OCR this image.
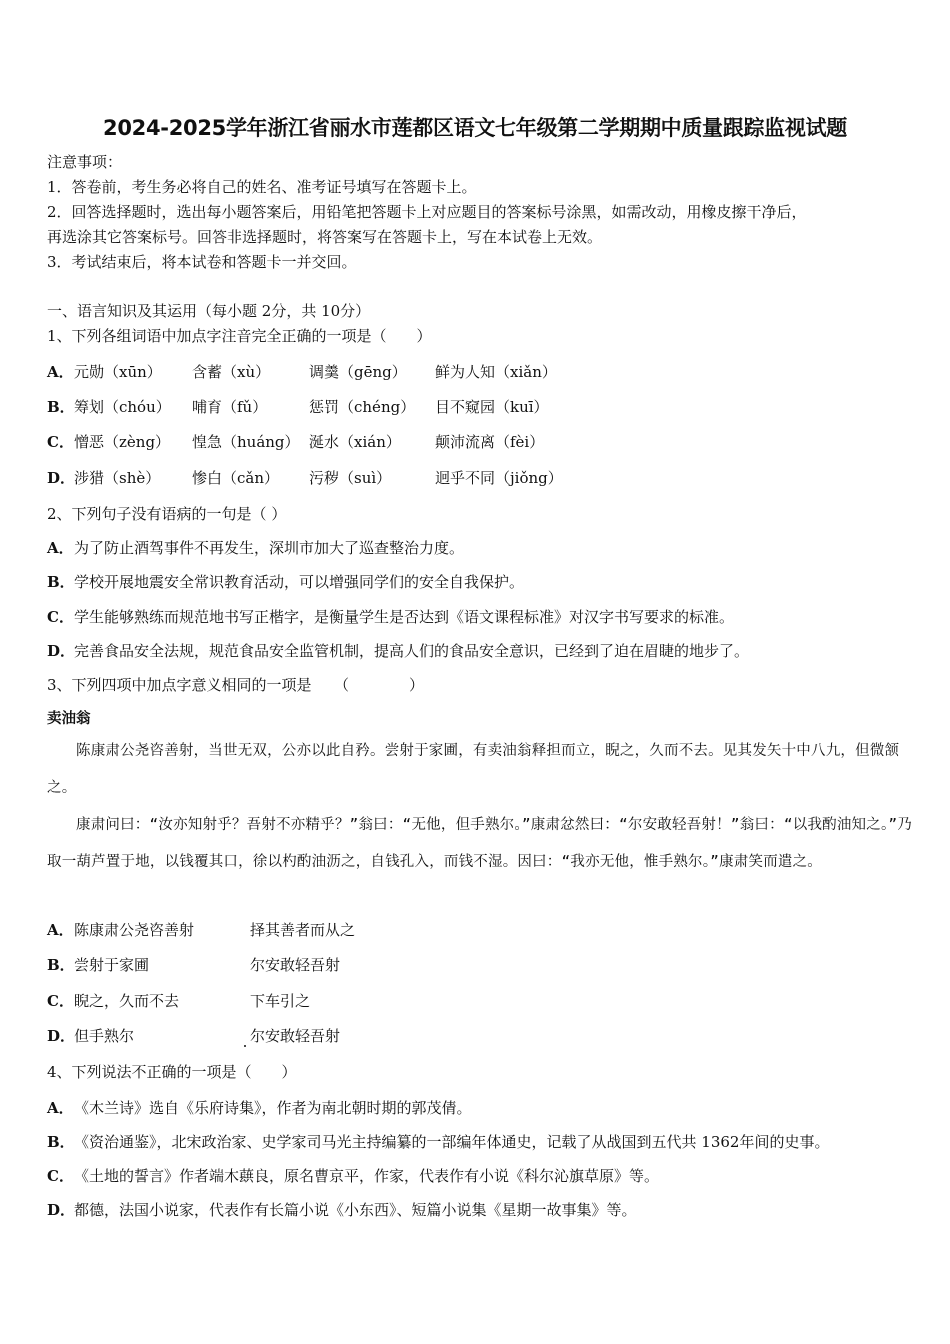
2024-2025学年浙江省丽水市莲都区语文七年级第二学期期中质量跟踪监视试题
注意事项：
1．答卷前，考生务必将自己的姓名、准考证号填写在答题卡上。
2．回答选择题时，选出每小题答案后，用铅笔把答题卡上对应题目的答案标号涂黑，如需改动，用橡皮擦干净后，
再选涂其它答案标号。回答非选择题时，将答案写在答题卡上，写在本试卷上无效。
3．考试结束后，将本试卷和答题卡一并交回。
一、语言知识及其运用（每小题 2分，共 10分）
1、下列各组词语中加点字注音完全正确的一项是（　　）
A． 元勋（xūn） 含蓄（xù）	调羹（gēng） 鲜为人知（xiǎn）
B． 筹划（chóu） 哺育（fǔ）	惩罚（chéng） 目不窥园（kuī）
C． 憎恶（zèng） 惶急（huáng） 涎水（xián） 颠沛流离（fèi）
D．
涉猎（shè） 惨白（cǎn） 污秽（suì）	迥乎不同（jiǒng）
2、下列句子没有语病的一句是（ ）
A． 为了防止酒驾事件不再发生，深圳市加大了巡查整治力度。
B． 学校开展地震安全常识教育活动，可以增强同学们的安全自我保护。
C． 学生能够熟练而规范地书写正楷字，是衡量学生是否达到《语文课程标准》对汉字书写要求的标准。
D．
完善食品安全法规，规范食品安全监管机制，提高人们的食品安全意识，已经到了迫在眉睫的地步了。
3、下列四项中加点字意义相同的一项是　　（　　　　）
卖油翁

陈康肃公尧咨善射，当世无双，公亦以此自矜。尝射于家圃，有卖油翁释担而立，睨之，久而不去。见其发矢十中八九，但微颔之。

康肃问曰：“汝亦知射乎？吾射不亦精乎？”翁曰：“无他，但手熟尔。”康肃忿然曰：“尔安敢轻吾射！”翁曰：“以我酌油知之。”乃取一葫芦置于地，以钱覆其口，徐以杓酌油沥之，自钱孔入，而钱不湿。因曰：“我亦无他，惟手熟尔。”康肃笑而遣之。

A． 陈康肃公尧咨善射	择其善者而从之
B． 尝射于家圃	尔安敢轻吾射
C． 睨之，久而不去	下车引之
D．
但手熟尔	尔安敢轻吾射
4、下列说法不正确的一项是（　　）
A． 《木兰诗》选自《乐府诗集》，作者为南北朝时期的郭茂倩。
B． 《资治通鉴》，北宋政治家、史学家司马光主持编纂的一部编年体通史，记载了从战国到五代共 1362年间的史事。
C． 《土地的誓言》作者端木蕻良，原名曹京平，作家，代表作有小说《科尔沁旗草原》等。
D．
都德，法国小说家，代表作有长篇小说《小东西》、短篇小说集《星期一故事集》等。
